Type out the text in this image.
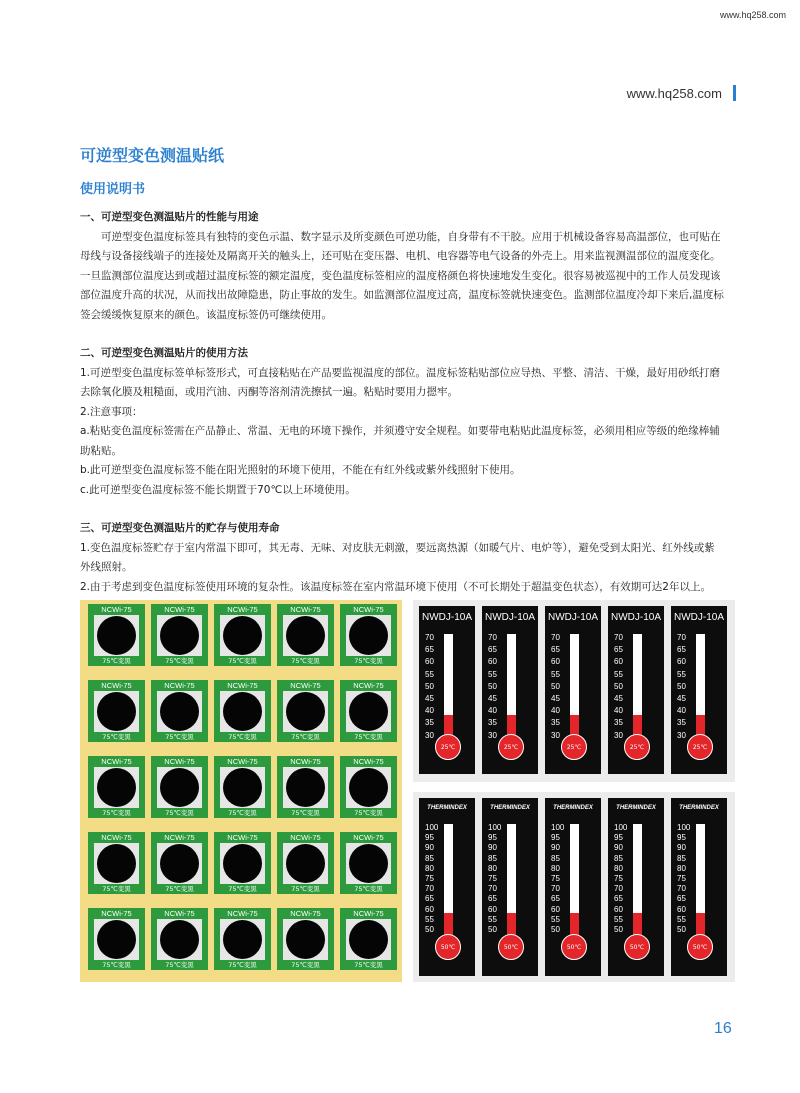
www.hq258.com
www.hq258.com
可逆型变色测温贴纸
使用说明书

一、可逆型变色测温贴片的性能与用途

可逆型变色温度标签具有独特的变色示温、数字显示及所变颜色可逆功能，自身带有不干胶。应用于机械设备容易高温部位，也可贴在

母线与设备接线端子的连接处及隔离开关的触头上，还可贴在变压器、电机、电容器等电气设备的外壳上。用来监视测温部位的温度变化。

一旦监测部位温度达到或超过温度标签的额定温度，变色温度标签相应的温度格颜色将快速地发生变化。很容易被巡视中的工作人员发现该

部位温度升高的状况，从而找出故障隐患，防止事故的发生。如监测部位温度过高，温度标签就快速变色。监测部位温度冷却下来后,温度标

签会缓缓恢复原来的颜色。该温度标签仍可继续使用。

二、可逆型变色测温贴片的使用方法

1.可逆型变色温度标签单标签形式，可直接粘贴在产品要监视温度的部位。温度标签粘贴部位应导热、平整、清洁、干燥，最好用砂纸打磨

去除氧化膜及粗糙面，或用汽油、丙酮等溶剂清洗擦拭一遍。粘贴时要用力摁牢。

2.注意事项：

a.粘贴变色温度标签需在产品静止、常温、无电的环境下操作，并须遵守安全规程。如要带电粘贴此温度标签，必须用相应等级的绝缘棒辅

助粘贴。

b.此可逆型变色温度标签不能在阳光照射的环境下使用，不能在有红外线或紫外线照射下使用。

c.此可逆型变色温度标签不能长期置于70℃以上环境使用。

三、可逆型变色测温贴片的贮存与使用寿命

1.变色温度标签贮存于室内常温下即可，其无毒、无味、对皮肤无刺激，要远离热源（如暖气片、电炉等），避免受到太阳光、红外线或紫

外线照射。

2.由于考虑到变色温度标签使用环境的复杂性。该温度标签在室内常温环境下使用（不可长期处于超温变色状态），有效期可达2年以上。

NCWi-75
75℃变黑
NCWi-75
75℃变黑
NCWi-75
75℃变黑
NCWi-75
75℃变黑
NCWi-75
75℃变黑
NCWi-75
75℃变黑
NCWi-75
75℃变黑
NCWi-75
75℃变黑
NCWi-75
75℃变黑
NCWi-75
75℃变黑
NCWi-75
75℃变黑
NCWi-75
75℃变黑
NCWi-75
75℃变黑
NCWi-75
75℃变黑
NCWi-75
75℃变黑
NCWi-75
75℃变黑
NCWi-75
75℃变黑
NCWi-75
75℃变黑
NCWi-75
75℃变黑
NCWi-75
75℃变黑
NCWi-75
75℃变黑
NCWi-75
75℃变黑
NCWi-75
75℃变黑
NCWi-75
75℃变黑
NCWi-75
75℃变黑
NWDJ-10A
70
65
60
55
50
45
40
35
30
25℃
NWDJ-10A
70
65
60
55
50
45
40
35
30
25℃
NWDJ-10A
70
65
60
55
50
45
40
35
30
25℃
NWDJ-10A
70
65
60
55
50
45
40
35
30
25℃
NWDJ-10A
70
65
60
55
50
45
40
35
30
25℃
THERMINDEX
100
95
90
85
80
75
70
65
60
55
50
50℃
THERMINDEX
100
95
90
85
80
75
70
65
60
55
50
50℃
THERMINDEX
100
95
90
85
80
75
70
65
60
55
50
50℃
THERMINDEX
100
95
90
85
80
75
70
65
60
55
50
50℃
THERMINDEX
100
95
90
85
80
75
70
65
60
55
50
50℃
16
